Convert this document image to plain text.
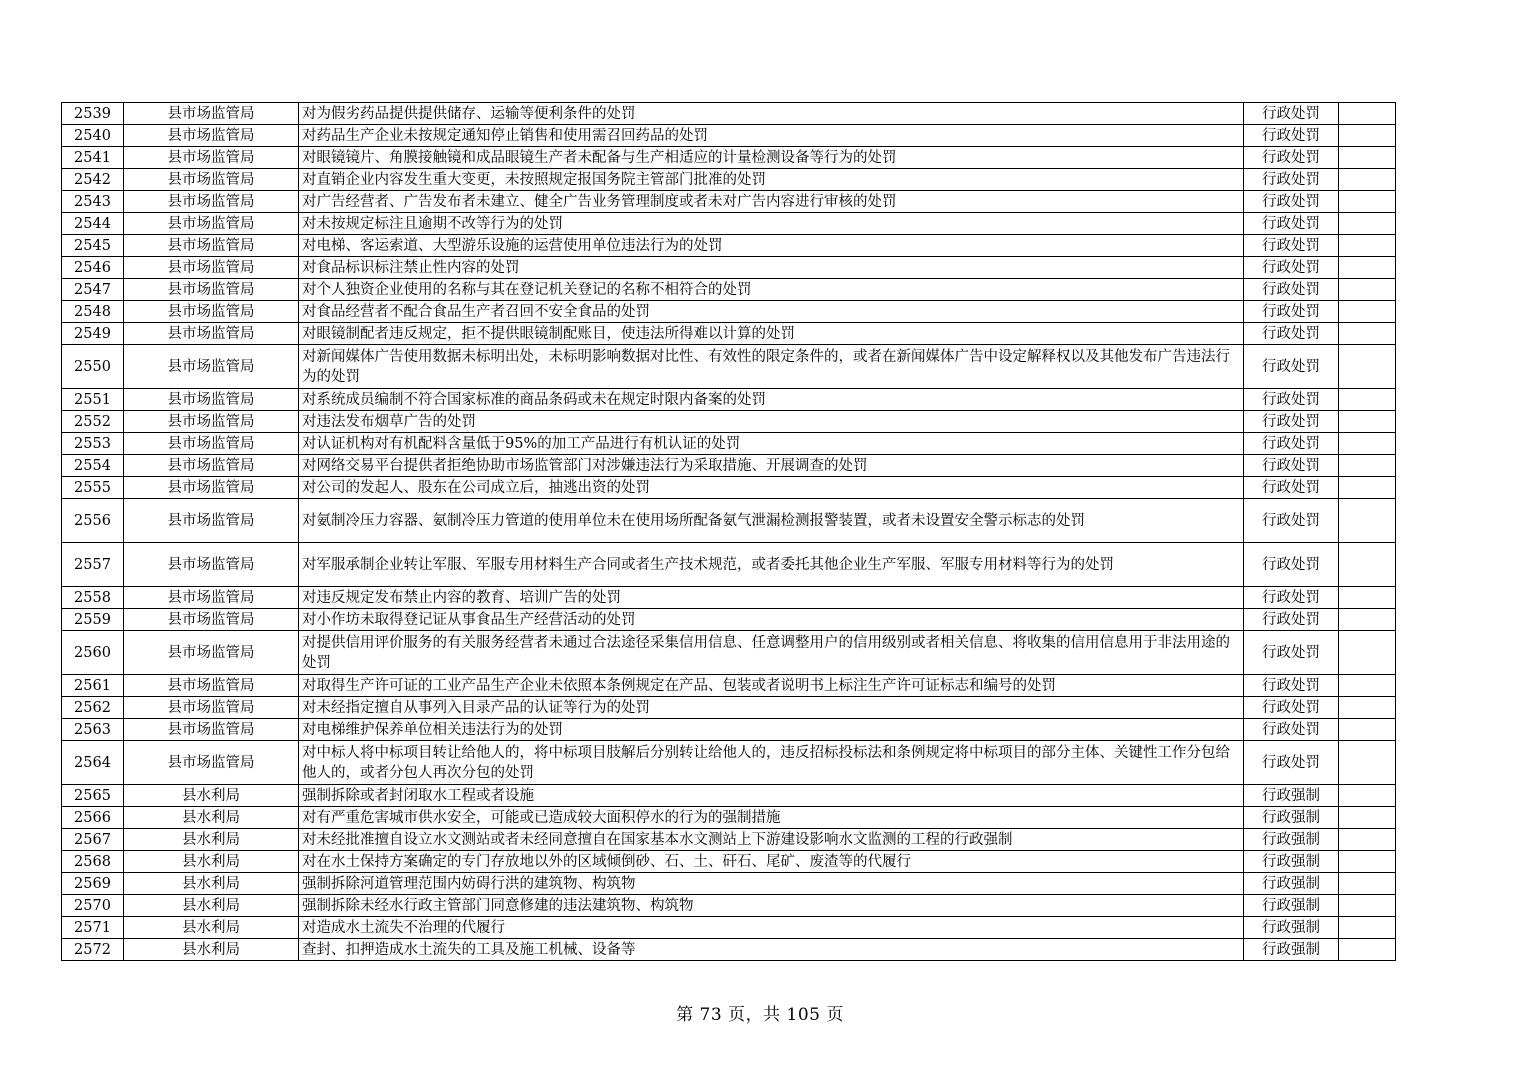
2539	县市场监管局	对为假劣药品提供提供储存、运输等便利条件的处罚	行政处罚	
2540	县市场监管局	对药品生产企业未按规定通知停止销售和使用需召回药品的处罚	行政处罚	
2541	县市场监管局	对眼镜镜片、角膜接触镜和成品眼镜生产者未配备与生产相适应的计量检测设备等行为的处罚	行政处罚	
2542	县市场监管局	对直销企业内容发生重大变更，未按照规定报国务院主管部门批准的处罚	行政处罚	
2543	县市场监管局	对广告经营者、广告发布者未建立、健全广告业务管理制度或者未对广告内容进行审核的处罚	行政处罚	
2544	县市场监管局	对未按规定标注且逾期不改等行为的处罚	行政处罚	
2545	县市场监管局	对电梯、客运索道、大型游乐设施的运营使用单位违法行为的处罚	行政处罚	
2546	县市场监管局	对食品标识标注禁止性内容的处罚	行政处罚	
2547	县市场监管局	对个人独资企业使用的名称与其在登记机关登记的名称不相符合的处罚	行政处罚	
2548	县市场监管局	对食品经营者不配合食品生产者召回不安全食品的处罚	行政处罚	
2549	县市场监管局	对眼镜制配者违反规定，拒不提供眼镜制配账目，使违法所得难以计算的处罚	行政处罚	
2550	县市场监管局	对新闻媒体广告使用数据未标明出处，未标明影响数据对比性、有效性的限定条件的，或者在新闻媒体广告中设定解释权以及其他发布广告违法行为的处罚	行政处罚	
2551	县市场监管局	对系统成员编制不符合国家标准的商品条码或未在规定时限内备案的处罚	行政处罚	
2552	县市场监管局	对违法发布烟草广告的处罚	行政处罚	
2553	县市场监管局	对认证机构对有机配料含量低于95%的加工产品进行有机认证的处罚	行政处罚	
2554	县市场监管局	对网络交易平台提供者拒绝协助市场监管部门对涉嫌违法行为采取措施、开展调查的处罚	行政处罚	
2555	县市场监管局	对公司的发起人、股东在公司成立后，抽逃出资的处罚	行政处罚	
2556	县市场监管局	对氨制冷压力容器、氨制冷压力管道的使用单位未在使用场所配备氨气泄漏检测报警装置，或者未设置安全警示标志的处罚	行政处罚	
2557	县市场监管局	对军服承制企业转让军服、军服专用材料生产合同或者生产技术规范，或者委托其他企业生产军服、军服专用材料等行为的处罚	行政处罚	
2558	县市场监管局	对违反规定发布禁止内容的教育、培训广告的处罚	行政处罚	
2559	县市场监管局	对小作坊未取得登记证从事食品生产经营活动的处罚	行政处罚	
2560	县市场监管局	对提供信用评价服务的有关服务经营者未通过合法途径采集信用信息、任意调整用户的信用级别或者相关信息、将收集的信用信息用于非法用途的处罚	行政处罚	
2561	县市场监管局	对取得生产许可证的工业产品生产企业未依照本条例规定在产品、包装或者说明书上标注生产许可证标志和编号的处罚	行政处罚	
2562	县市场监管局	对未经指定擅自从事列入目录产品的认证等行为的处罚	行政处罚	
2563	县市场监管局	对电梯维护保养单位相关违法行为的处罚	行政处罚	
2564	县市场监管局	对中标人将中标项目转让给他人的，将中标项目肢解后分别转让给他人的，违反招标投标法和条例规定将中标项目的部分主体、关键性工作分包给他人的，或者分包人再次分包的处罚	行政处罚	
2565	县水利局	强制拆除或者封闭取水工程或者设施	行政强制	
2566	县水利局	对有严重危害城市供水安全，可能或已造成较大面积停水的行为的强制措施	行政强制	
2567	县水利局	对未经批准擅自设立水文测站或者未经同意擅自在国家基本水文测站上下游建设影响水文监测的工程的行政强制	行政强制	
2568	县水利局	对在水土保持方案确定的专门存放地以外的区域倾倒砂、石、土、矸石、尾矿、废渣等的代履行	行政强制	
2569	县水利局	强制拆除河道管理范围内妨碍行洪的建筑物、构筑物	行政强制	
2570	县水利局	强制拆除未经水行政主管部门同意修建的违法建筑物、构筑物	行政强制	
2571	县水利局	对造成水土流失不治理的代履行	行政强制	
2572	县水利局	查封、扣押造成水土流失的工具及施工机械、设备等	行政强制	
第 73 页，共 105 页
